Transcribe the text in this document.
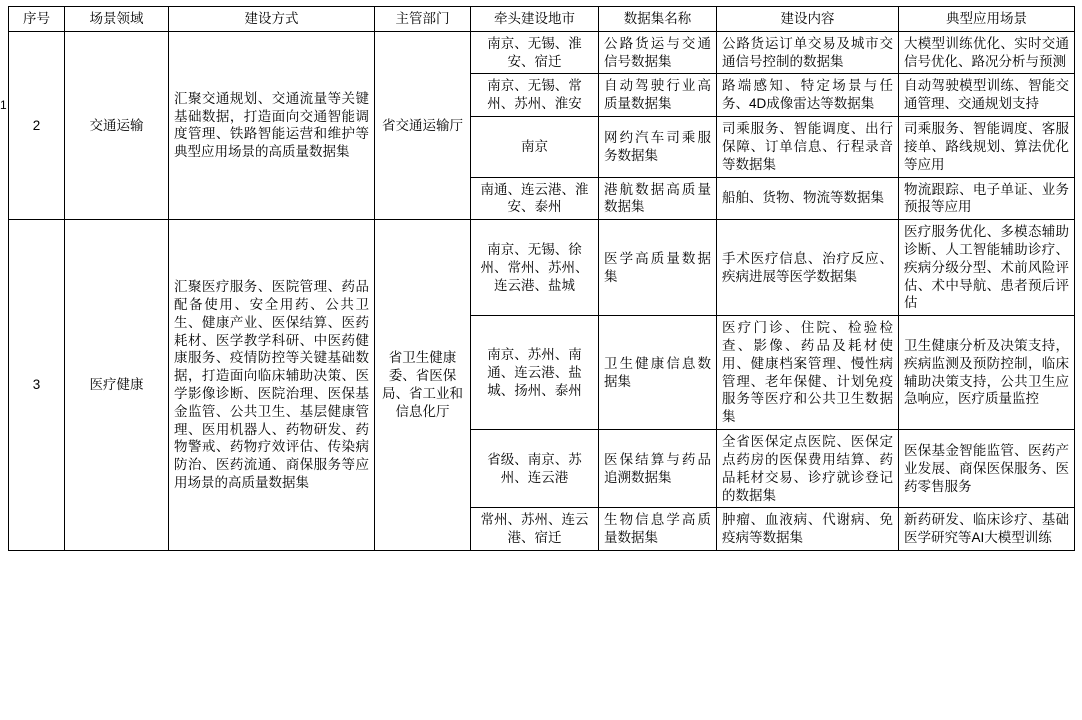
1
序号	场景领域	建设方式	主管部门	牵头建设地市	数据集名称	建设内容	典型应用场景
2	交通运输	汇聚交通规划、交通流量等关键基础数据，打造面向交通智能调度管理、铁路智能运营和维护等典型应用场景的高质量数据集	省交通运输厅	南京、无锡、淮安、宿迁	公路货运与交通信号数据集	公路货运订单交易及城市交通信号控制的数据集	大模型训练优化、实时交通信号优化、路况分析与预测
				南京、无锡、常州、苏州、淮安	自动驾驶行业高质量数据集	路端感知、特定场景与任务、4D成像雷达等数据集	自动驾驶模型训练、智能交通管理、交通规划支持
				南京	网约汽车司乘服务数据集	司乘服务、智能调度、出行保障、订单信息、行程录音等数据集	司乘服务、智能调度、客服接单、路线规划、算法优化等应用
				南通、连云港、淮安、泰州	港航数据高质量数据集	船舶、货物、物流等数据集	物流跟踪、电子单证、业务预报等应用
3	医疗健康	汇聚医疗服务、医院管理、药品配备使用、安全用药、公共卫生、健康产业、医保结算、医药耗材、医学教学科研、中医药健康服务、疫情防控等关键基础数据，打造面向临床辅助决策、医学影像诊断、医院治理、医保基金监管、公共卫生、基层健康管理、医用机器人、药物研发、药物警戒、药物疗效评估、传染病防治、医药流通、商保服务等应用场景的高质量数据集	省卫生健康委、省医保局、省工业和信息化厅	南京、无锡、徐州、常州、苏州、连云港、盐城	医学高质量数据集	手术医疗信息、治疗反应、疾病进展等医学数据集	医疗服务优化、多模态辅助诊断、人工智能辅助诊疗、疾病分级分型、术前风险评估、术中导航、患者预后评估
				南京、苏州、南通、连云港、盐城、扬州、泰州	卫生健康信息数据集	医疗门诊、住院、检验检查、影像、药品及耗材使用、健康档案管理、慢性病管理、老年保健、计划免疫服务等医疗和公共卫生数据集	卫生健康分析及决策支持，疾病监测及预防控制，临床辅助决策支持，公共卫生应急响应，医疗质量监控
				省级、南京、苏州、连云港	医保结算与药品追溯数据集	全省医保定点医院、医保定点药房的医保费用结算、药品耗材交易、诊疗就诊登记的数据集	医保基金智能监管、医药产业发展、商保医保服务、医药零售服务
				常州、苏州、连云港、宿迁	生物信息学高质量数据集	肿瘤、血液病、代谢病、免疫病等数据集	新药研发、临床诊疗、基础医学研究等AI大模型训练
